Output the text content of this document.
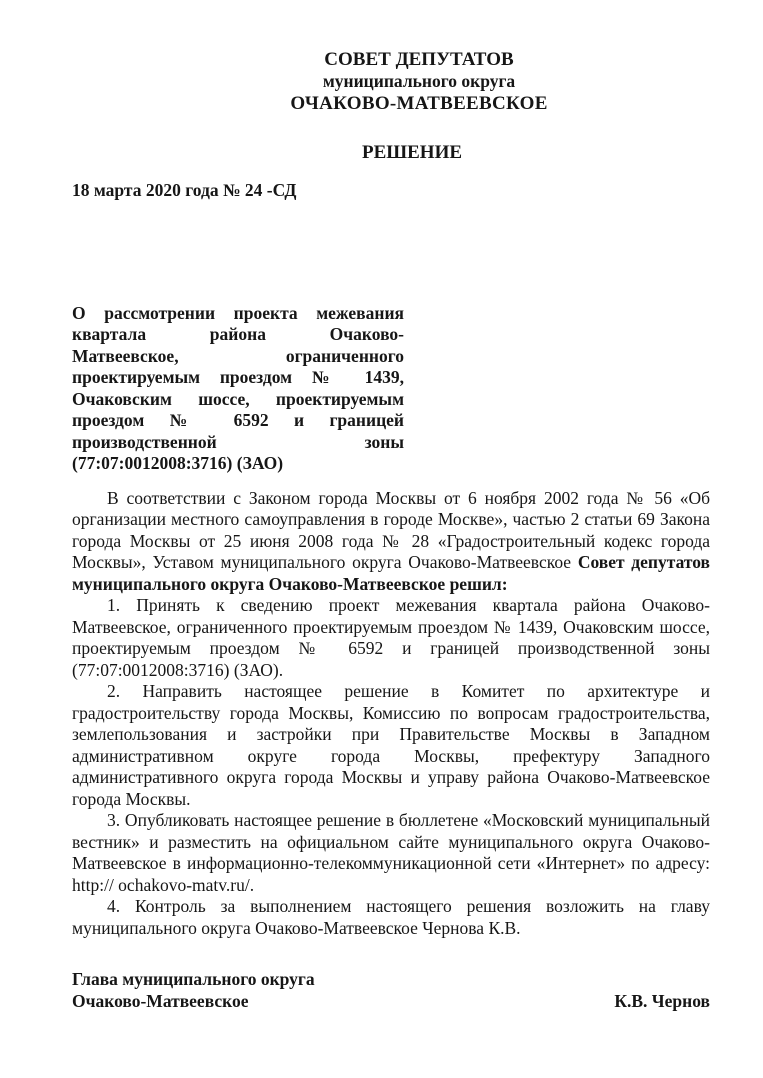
СОВЕТ ДЕПУТАТОВ
муниципального округа
ОЧАКОВО-МАТВЕЕВСКОЕ
РЕШЕНИЕ
18 марта 2020 года № 24 -СД
О рассмотрении проекта межевания
квартала района Очаково-
Матвеевское, ограниченного
проектируемым проездом № 1439,
Очаковским шоссе, проектируемым
проездом № 6592 и границей
производственной зоны
(77:07:0012008:3716) (ЗАО)

В соответствии с Законом города Москвы от 6 ноября 2002 года № 56 «Об организации местного самоуправления в городе Москве», частью 2 статьи 69 Закона города Москвы от 25 июня 2008 года № 28 «Градостроительный кодекс города Москвы», Уставом муниципального округа Очаково-Матвеевское Совет депутатов муниципального округа Очаково-Матвеевское решил:

1. Принять к сведению проект межевания квартала района Очаково-Матвеевское, ограниченного проектируемым проездом № 1439, Очаковским шоссе, проектируемым проездом № 6592 и границей производственной зоны (77:07:0012008:3716) (ЗАО).

2. Направить настоящее решение в Комитет по архитектуре и градостроительству города Москвы, Комиссию по вопросам градостроительства, землепользования и застройки при Правительстве Москвы в Западном административном округе города Москвы, префектуру Западного административного округа города Москвы и управу района Очаково-Матвеевское города Москвы.

3. Опубликовать настоящее решение в бюллетене «Московский муниципальный вестник» и разместить на официальном сайте муниципального округа Очаково-Матвеевское в информационно-телекоммуникационной сети «Интернет» по адресу: http:// ochakovo-matv.ru/.

4. Контроль за выполнением настоящего решения возложить на главу муниципального округа Очаково-Матвеевское Чернова К.В.

Глава муниципального округа
Очаково-Матвеевское	К.В. Чернов
